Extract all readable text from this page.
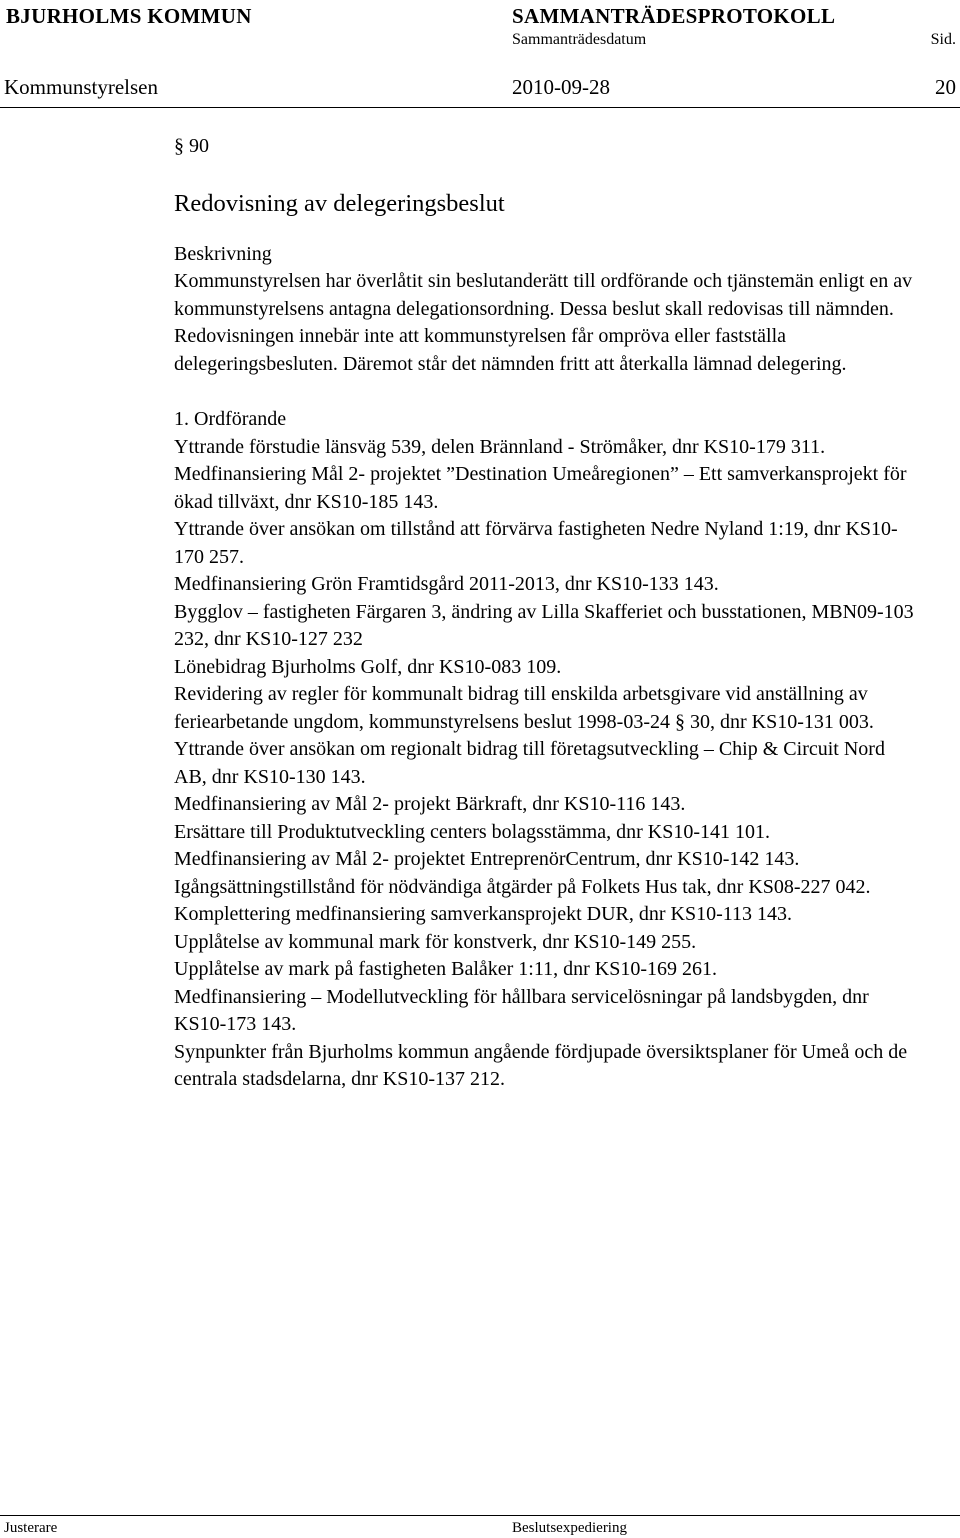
BJURHOLMS KOMMUN	SAMMANTRÄDESPROTOKOLL
Sammanträdesdatum	Sid.
Kommunstyrelsen	2010-09-28	20
§ 90
Redovisning av delegeringsbeslut

Beskrivning

Kommunstyrelsen har överlåtit sin beslutanderätt till ordförande och tjänstemän enligt en av kommunstyrelsens antagna delegationsordning. Dessa beslut skall redovisas till nämnden. Redovisningen innebär inte att kommunstyrelsen får ompröva eller fastställa delegeringsbesluten. Däremot står det nämnden fritt att återkalla lämnad delegering.

1. Ordförande

Yttrande förstudie länsväg 539, delen Brännland - Strömåker, dnr KS10-179 311.
Medfinansiering Mål 2- projektet ”Destination Umeåregionen” – Ett samverkansprojekt för ökad tillväxt, dnr KS10-185 143.
Yttrande över ansökan om tillstånd att förvärva fastigheten Nedre Nyland 1:19, dnr KS10-170 257.
Medfinansiering Grön Framtidsgård 2011-2013, dnr KS10-133 143.
Bygglov – fastigheten Färgaren 3, ändring av Lilla Skafferiet och busstationen, MBN09-103 232, dnr KS10-127 232
Lönebidrag Bjurholms Golf, dnr KS10-083 109.
Revidering av regler för kommunalt bidrag till enskilda arbetsgivare vid anställning av feriearbetande ungdom, kommunstyrelsens beslut 1998-03-24 § 30, dnr KS10-131 003.
Yttrande över ansökan om regionalt bidrag till företagsutveckling – Chip & Circuit Nord AB, dnr KS10-130 143.
Medfinansiering av Mål 2- projekt Bärkraft, dnr KS10-116 143.
Ersättare till Produktutveckling centers bolagsstämma, dnr KS10-141 101.
Medfinansiering av Mål 2- projektet EntreprenörCentrum, dnr KS10-142 143.
Igångsättningstillstånd för nödvändiga åtgärder på Folkets Hus tak, dnr KS08-227 042.
Komplettering medfinansiering samverkansprojekt DUR, dnr KS10-113 143.
Upplåtelse av kommunal mark för konstverk, dnr KS10-149 255.
Upplåtelse av mark på fastigheten Balåker 1:11, dnr KS10-169 261.
Medfinansiering – Modellutveckling för hållbara servicelösningar på landsbygden, dnr KS10-173 143.
Synpunkter från Bjurholms kommun angående fördjupade översiktsplaner för Umeå och de centrala stadsdelarna, dnr KS10-137 212.
Justerare	Beslutsexpediering
